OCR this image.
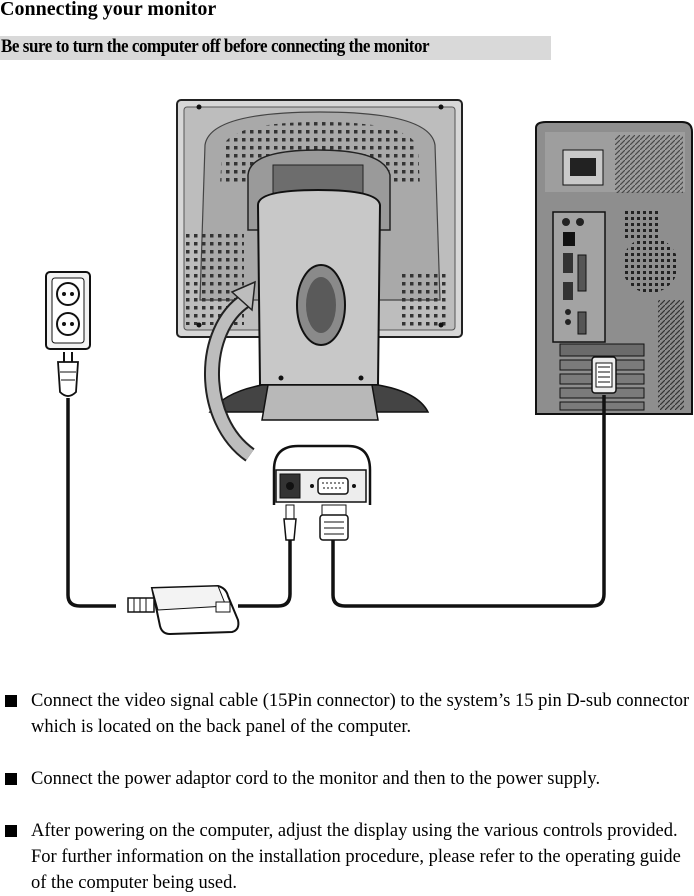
Connecting your monitor
Be sure to turn the computer off before connecting the monitor
Connect the video signal cable (15Pin connector) to the system’s 15 pin D-sub connector which is located on the back panel of the computer.
Connect the power adaptor cord to the monitor and then to the power supply.
After powering on the computer, adjust the display using the various controls provided. For further information on the installation procedure, please refer to the operating guide of the computer being used.
